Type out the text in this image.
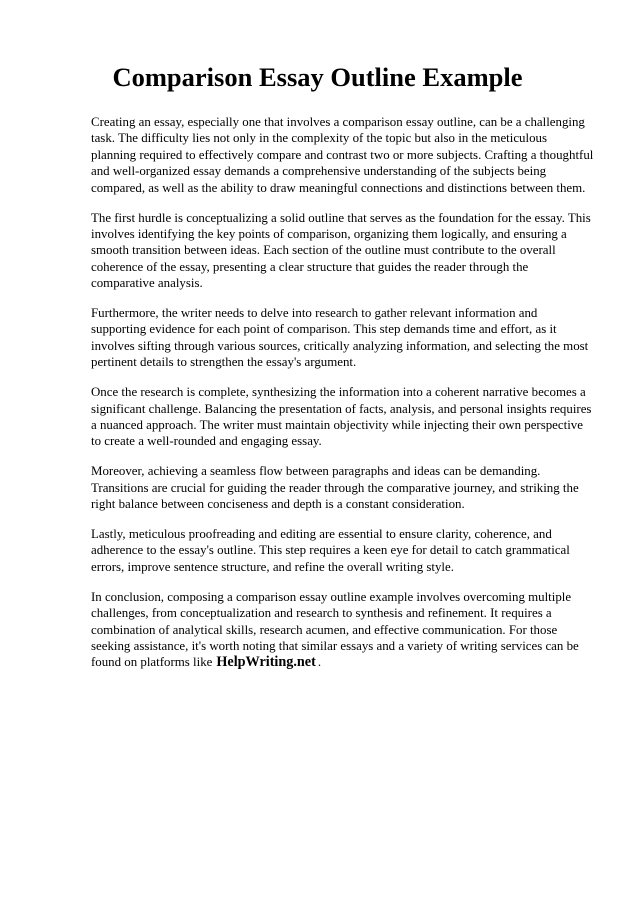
Comparison Essay Outline Example

Creating an essay, especially one that involves a comparison essay outline, can be a challenging task. The difficulty lies not only in the complexity of the topic but also in the meticulous planning required to effectively compare and contrast two or more subjects. Crafting a thoughtful and well-organized essay demands a comprehensive understanding of the subjects being compared, as well as the ability to draw meaningful connections and distinctions between them.

The first hurdle is conceptualizing a solid outline that serves as the foundation for the essay. This involves identifying the key points of comparison, organizing them logically, and ensuring a smooth transition between ideas. Each section of the outline must contribute to the overall coherence of the essay, presenting a clear structure that guides the reader through the comparative analysis.

Furthermore, the writer needs to delve into research to gather relevant information and supporting evidence for each point of comparison. This step demands time and effort, as it involves sifting through various sources, critically analyzing information, and selecting the most pertinent details to strengthen the essay's argument.

Once the research is complete, synthesizing the information into a coherent narrative becomes a significant challenge. Balancing the presentation of facts, analysis, and personal insights requires a nuanced approach. The writer must maintain objectivity while injecting their own perspective to create a well-rounded and engaging essay.

Moreover, achieving a seamless flow between paragraphs and ideas can be demanding. Transitions are crucial for guiding the reader through the comparative journey, and striking the right balance between conciseness and depth is a constant consideration.

Lastly, meticulous proofreading and editing are essential to ensure clarity, coherence, and adherence to the essay's outline. This step requires a keen eye for detail to catch grammatical errors, improve sentence structure, and refine the overall writing style.

In conclusion, composing a comparison essay outline example involves overcoming multiple challenges, from conceptualization and research to synthesis and refinement. It requires a combination of analytical skills, research acumen, and effective communication. For those seeking assistance, it's worth noting that similar essays and a variety of writing services can be found on platforms like HelpWriting.net .
